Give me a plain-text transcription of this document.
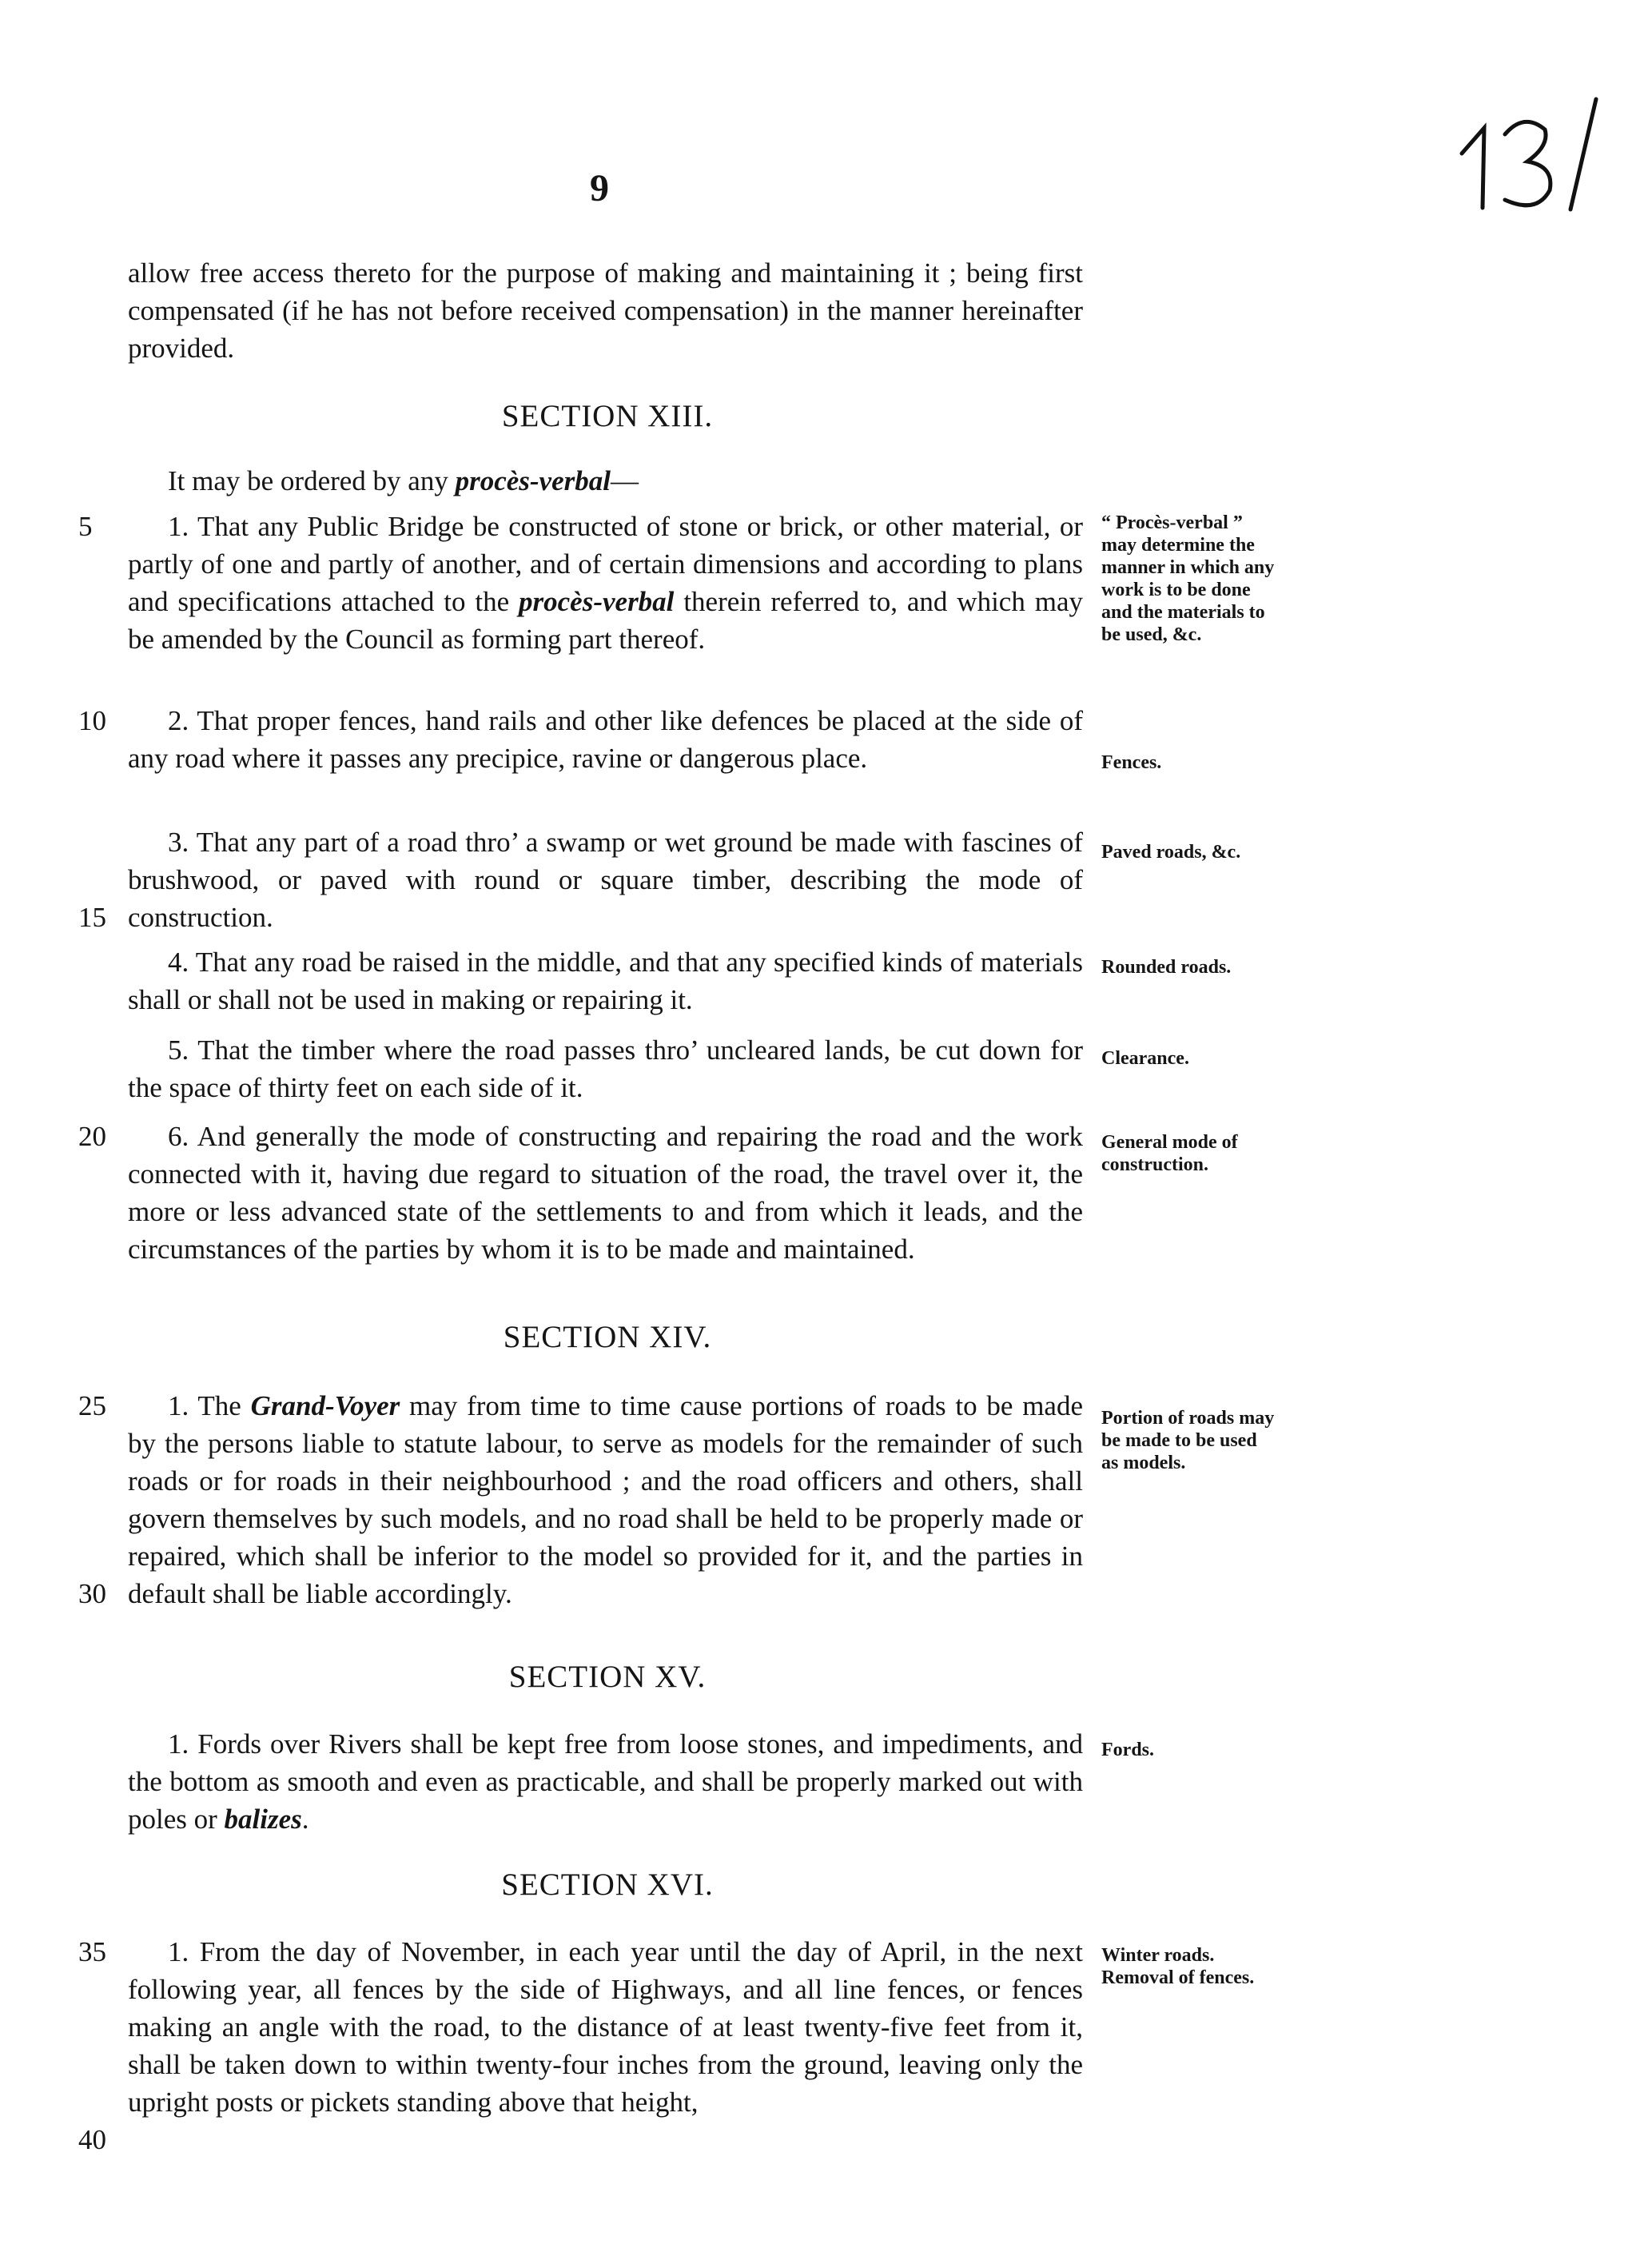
9
allow free access thereto for the purpose of making and maintaining it ; being first compensated (if he has not before received compensation) in the manner hereinafter provided.
SECTION XIII.
It may be ordered by any procès-verbal—
1. That any Public Bridge be constructed of stone or brick, or other material, or partly of one and partly of another, and of certain dimensions and according to plans and specifications attached to the procès-verbal therein referred to, and which may be amended by the Council as forming part thereof.
“ Procès-verbal ” may determine the manner in which any work is to be done and the materials to be used, &c.
2. That proper fences, hand rails and other like defences be placed at the side of any road where it passes any precipice, ravine or dangerous place.	Fences.
3. That any part of a road thro’ a swamp or wet ground be made with fascines of brushwood, or paved with round or square timber, describing the mode of construction.
Paved roads, &c.
4. That any road be raised in the middle, and that any specified kinds of materials shall or shall not be used in making or repairing it.
Rounded roads.
5. That the timber where the road passes thro’ uncleared lands, be cut down for the space of thirty feet on each side of it.
Clearance.
6. And generally the mode of constructing and repairing the road and the work connected with it, having due regard to situation of the road, the travel over it, the more or less advanced state of the settlements to and from which it leads, and the circumstances of the parties by whom it is to be made and maintained.
General mode of construction.
SECTION XIV.
1. The Grand-Voyer may from time to time cause portions of roads to be made by the persons liable to statute labour, to serve as models for the remainder of such roads or for roads in their neighbourhood ; and the road officers and others, shall govern themselves by such models, and no road shall be held to be properly made or repaired, which shall be inferior to the model so provided for it, and the parties in default shall be liable accordingly.
Portion of roads may be made to be used as models.
SECTION XV.
1. Fords over Rivers shall be kept free from loose stones, and impediments, and the bottom as smooth and even as practicable, and shall be properly marked out with poles or balizes.
Fords.
SECTION XVI.
1. From the day of November, in each year until the day of April, in the next following year, all fences by the side of Highways, and all line fences, or fences making an angle with the road, to the distance of at least twenty-five feet from it, shall be taken down to within twenty-four inches from the ground, leaving only the upright posts or pickets standing above that height,
Winter roads. Removal of fences.
5
10
15
20
25
30
35
40
